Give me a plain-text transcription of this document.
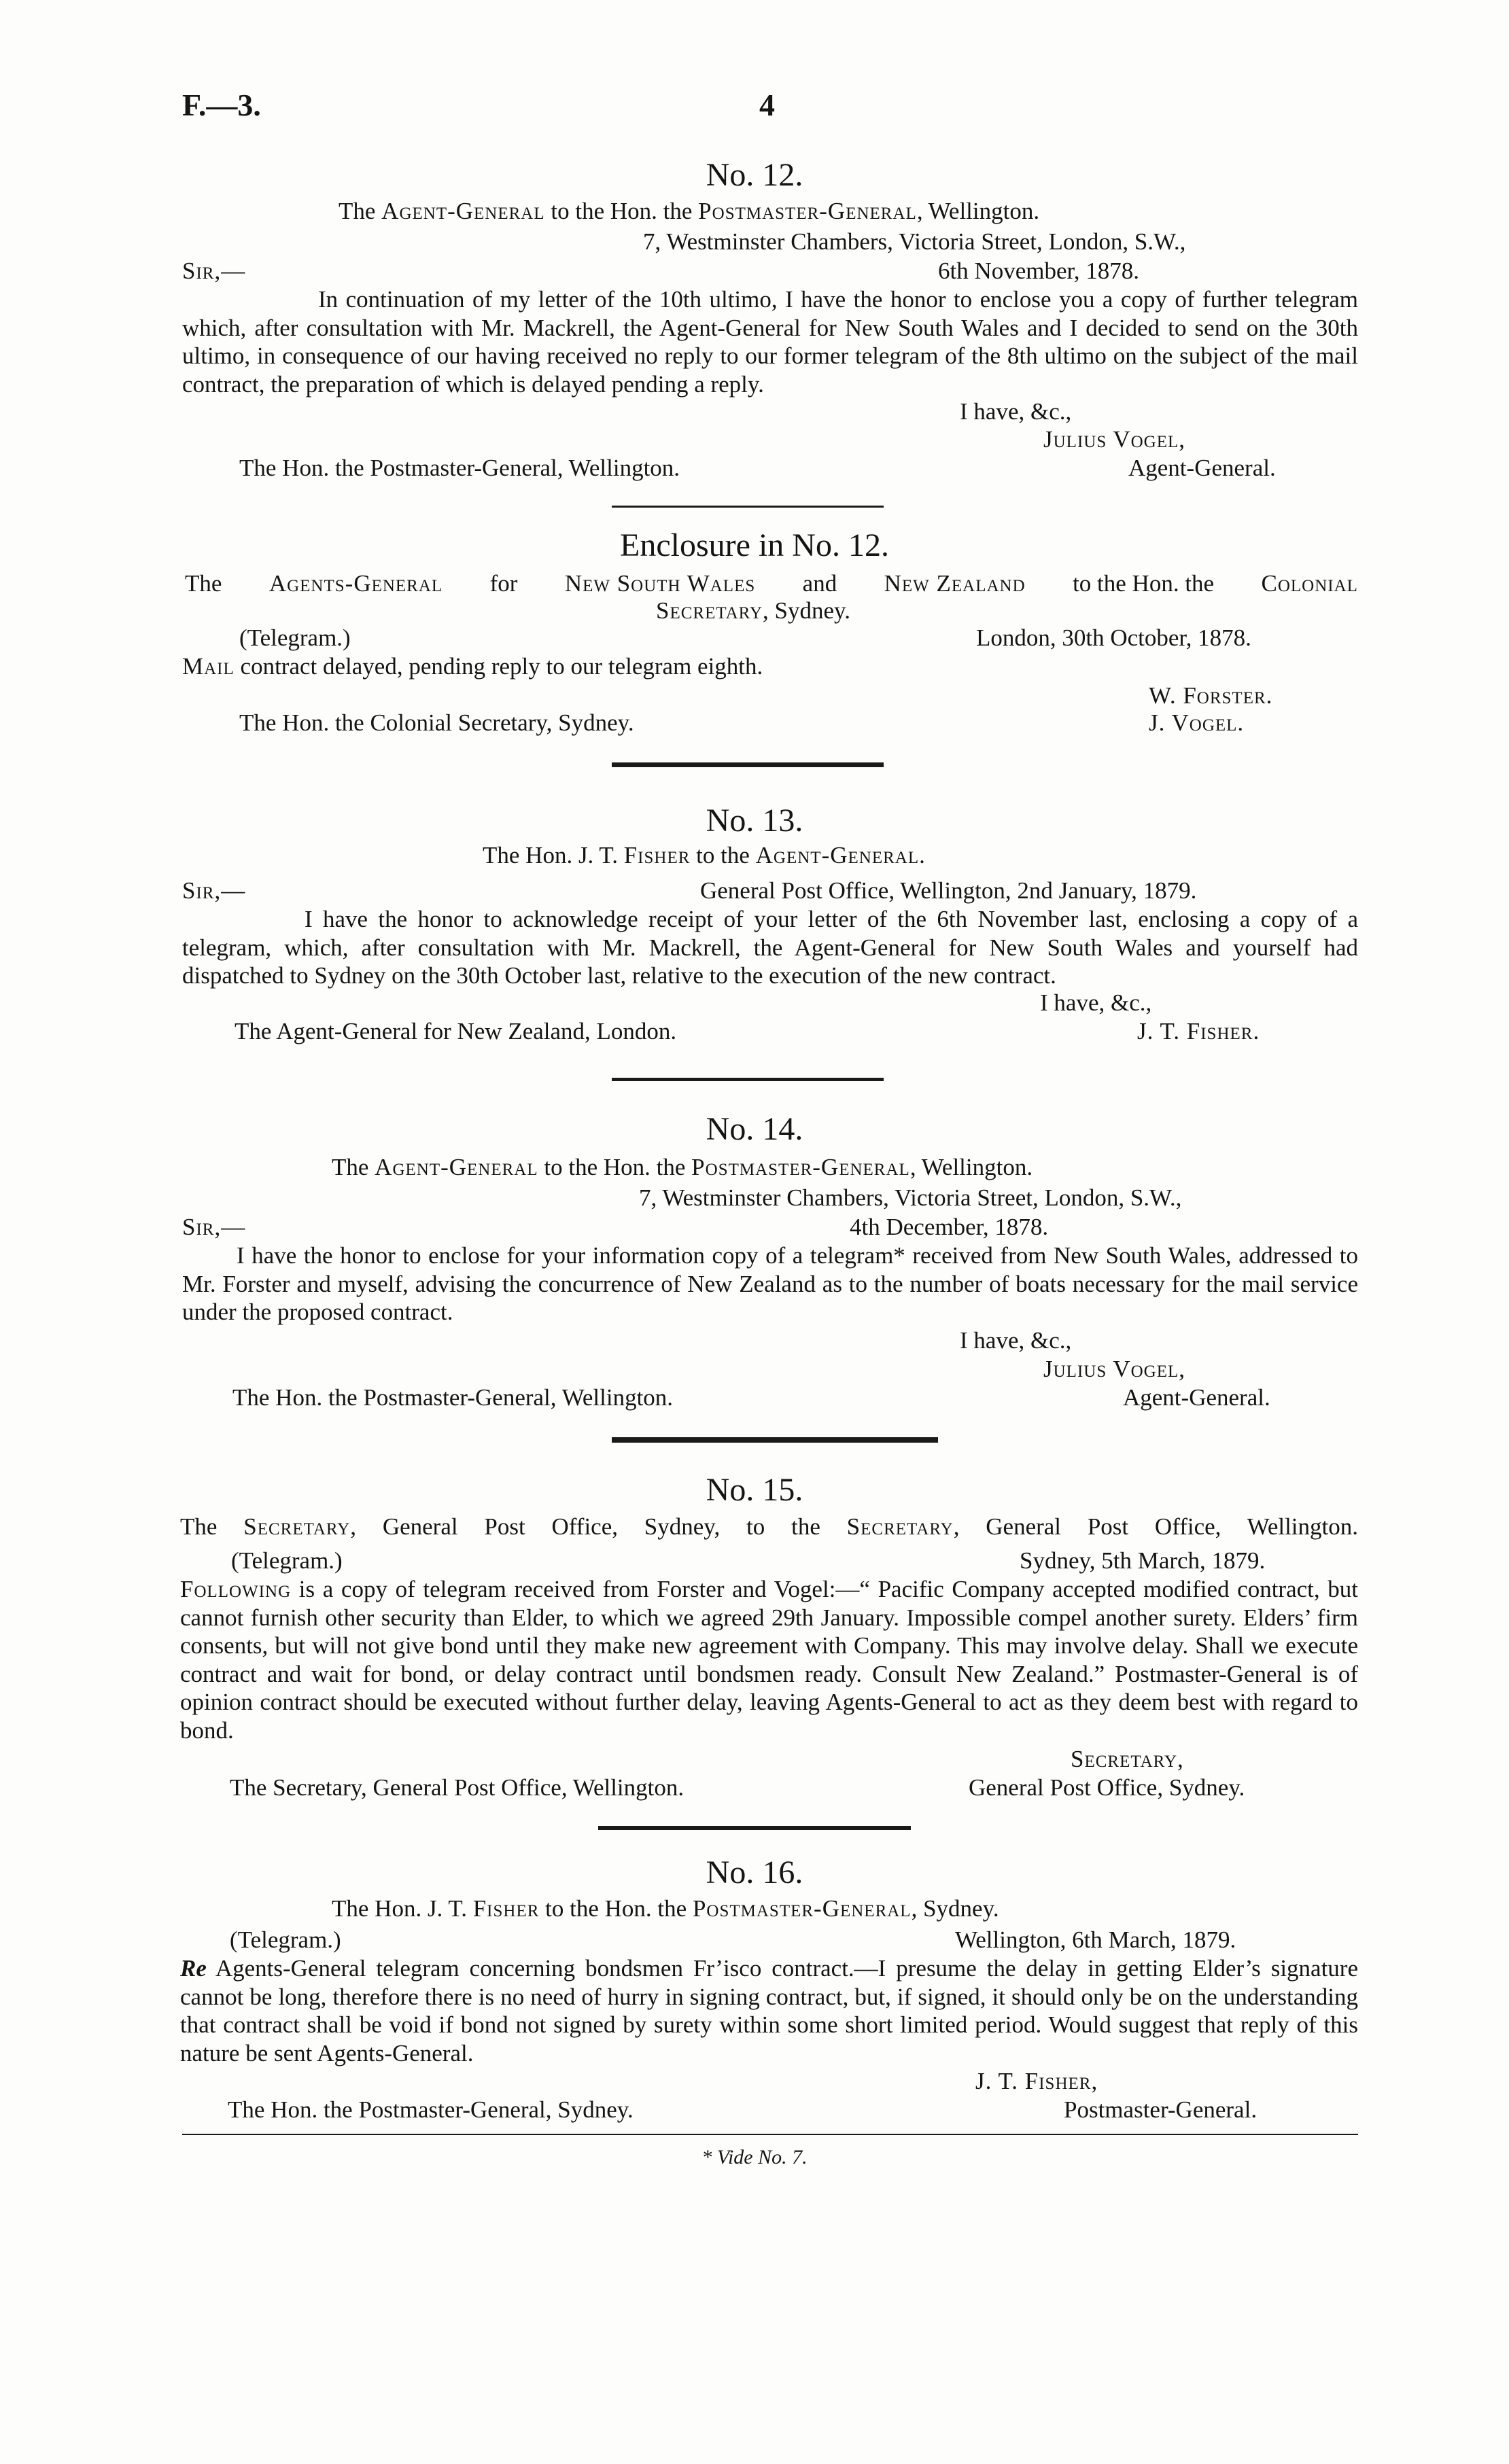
F.—3.	4
No. 12.
The Agent-General to the Hon. the Postmaster-General, Wellington.
7, Westminster Chambers, Victoria Street, London, S.W.,
Sir,—	6th November, 1878.
In continuation of my letter of the 10th ultimo, I have the honor to enclose you a copy of further telegram which, after consultation with Mr. Mackrell, the Agent-General for New South Wales and I decided to send on the 30th ultimo, in consequence of our having received no reply to our former telegram of the 8th ultimo on the subject of the mail contract, the preparation of which is delayed pending a reply.
I have, &c.,
Julius Vogel,
The Hon. the Postmaster-General, Wellington.	Agent-General.
Enclosure in No. 12.
The Agents-General for New South Wales and New Zealand to the Hon. the Colonial
Secretary, Sydney.
(Telegram.)	London, 30th October, 1878.
Mail contract delayed, pending reply to our telegram eighth.
W. Forster.
The Hon. the Colonial Secretary, Sydney.	J. Vogel.
No. 13.
The Hon. J. T. Fisher to the Agent-General.
Sir,—	General Post Office, Wellington, 2nd January, 1879.
I have the honor to acknowledge receipt of your letter of the 6th November last, enclosing a copy of a telegram, which, after consultation with Mr. Mackrell, the Agent-General for New South Wales and yourself had dispatched to Sydney on the 30th October last, relative to the execution of the new contract.
I have, &c.,
The Agent-General for New Zealand, London.	J. T. Fisher.
No. 14.
The Agent-General to the Hon. the Postmaster-General, Wellington.
7, Westminster Chambers, Victoria Street, London, S.W.,
Sir,—	4th December, 1878.
I have the honor to enclose for your information copy of a telegram* received from New South Wales, addressed to Mr. Forster and myself, advising the concurrence of New Zealand as to the number of boats necessary for the mail service under the proposed contract.
I have, &c.,
Julius Vogel,
The Hon. the Postmaster-General, Wellington.	Agent-General.
No. 15.
The Secretary, General Post Office, Sydney, to the Secretary, General Post Office, Wellington.
(Telegram.)	Sydney, 5th March, 1879.
Following is a copy of telegram received from Forster and Vogel:—“ Pacific Company accepted modified contract, but cannot furnish other security than Elder, to which we agreed 29th January. Impossible compel another surety. Elders’ firm consents, but will not give bond until they make new agreement with Company. This may involve delay. Shall we execute contract and wait for bond, or delay contract until bondsmen ready. Consult New Zealand.” Postmaster-General is of opinion contract should be executed without further delay, leaving Agents-General to act as they deem best with regard to bond.
Secretary,
The Secretary, General Post Office, Wellington.	General Post Office, Sydney.
No. 16.
The Hon. J. T. Fisher to the Hon. the Postmaster-General, Sydney.
(Telegram.)	Wellington, 6th March, 1879.
Re Agents-General telegram concerning bondsmen Fr’isco contract.—I presume the delay in getting Elder’s signature cannot be long, therefore there is no need of hurry in signing contract, but, if signed, it should only be on the understanding that contract shall be void if bond not signed by surety within some short limited period. Would suggest that reply of this nature be sent Agents-General.
J. T. Fisher,
The Hon. the Postmaster-General, Sydney.	Postmaster-General.
* Vide No. 7.
